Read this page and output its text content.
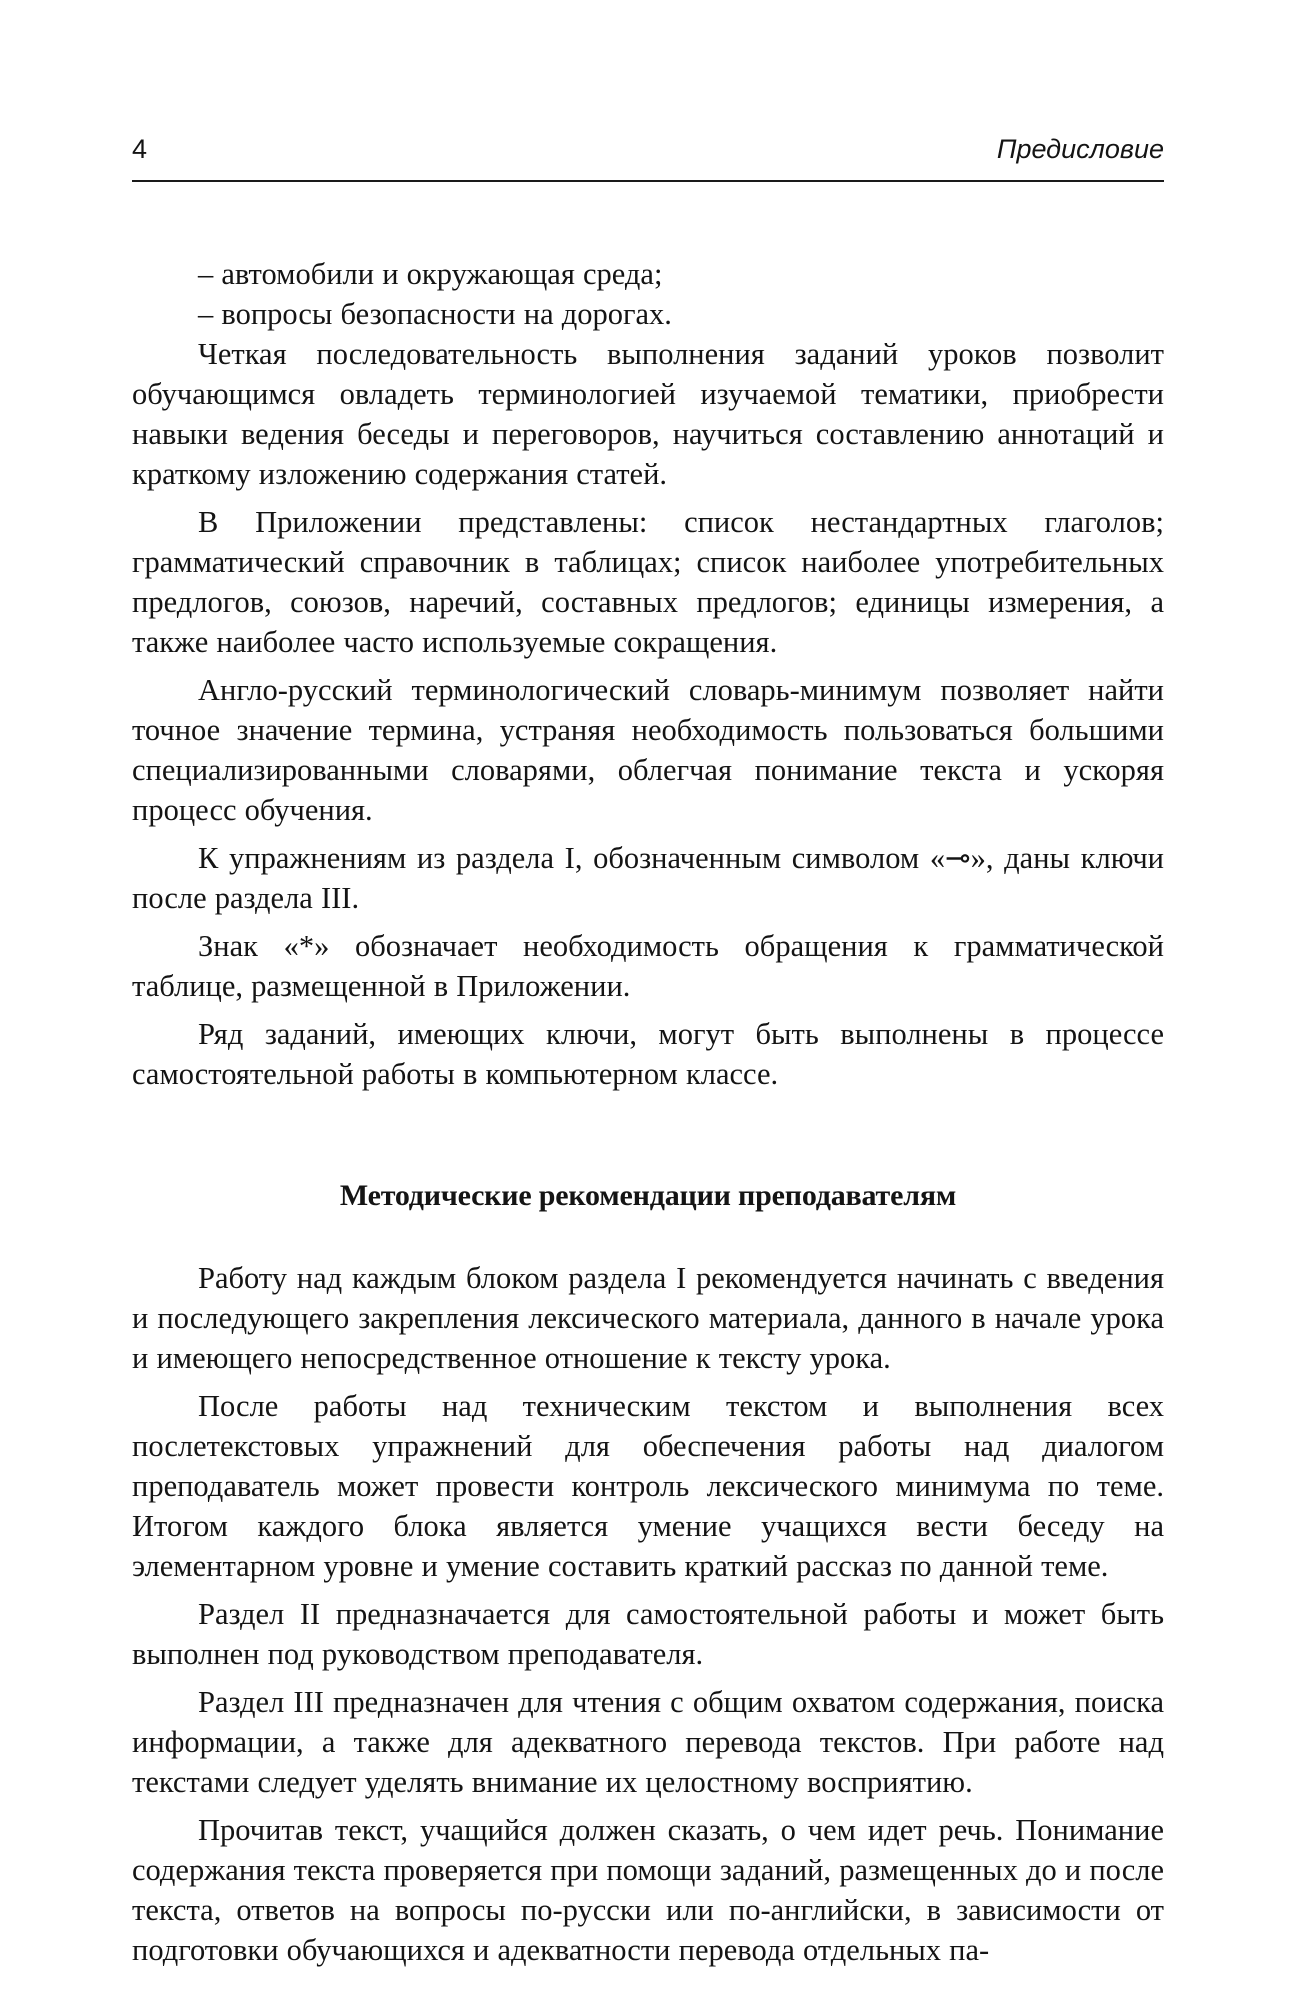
4	Предисловие

– автомобили и окружающая среда;

– вопросы безопасности на дорогах.

Четкая последовательность выполнения заданий уроков позволит обучающимся овладеть терминологией изучаемой тематики, приобрести навыки ведения беседы и переговоров, научиться составлению аннотаций и краткому изложению содержания статей.

В Приложении представлены: список нестандартных глаголов; грамматический справочник в таблицах; список наиболее употребительных предлогов, союзов, наречий, составных предлогов; единицы измерения, а также наиболее часто используемые сокращения.

Англо-русский терминологический словарь-минимум позволяет найти точное значение термина, устраняя необходимость пользоваться большими специализированными словарями, облегчая понимание текста и ускоряя процесс обучения.

К упражнениям из раздела I, обозначенным символом «⊸», даны ключи после раздела III.

Знак «*» обозначает необходимость обращения к грамматической таблице, размещенной в Приложении.

Ряд заданий, имеющих ключи, могут быть выполнены в процессе самостоятельной работы в компьютерном классе.

Методические рекомендации преподавателям

Работу над каждым блоком раздела I рекомендуется начинать с введения и последующего закрепления лексического материала, данного в начале урока и имеющего непосредственное отношение к тексту урока.

После работы над техническим текстом и выполнения всех послетекстовых упражнений для обеспечения работы над диалогом преподаватель может провести контроль лексического минимума по теме. Итогом каждого блока является умение учащихся вести беседу на элементарном уровне и умение составить краткий рассказ по данной теме.

Раздел II предназначается для самостоятельной работы и может быть выполнен под руководством преподавателя.

Раздел III предназначен для чтения с общим охватом содержания, поиска информации, а также для адекватного перевода текстов. При работе над текстами следует уделять внимание их целостному восприятию.

Прочитав текст, учащийся должен сказать, о чем идет речь. Понимание содержания текста проверяется при помощи заданий, размещенных до и после текста, ответов на вопросы по-русски или по-английски, в зависимости от подготовки обучающихся и адекватности перевода отдельных па-
